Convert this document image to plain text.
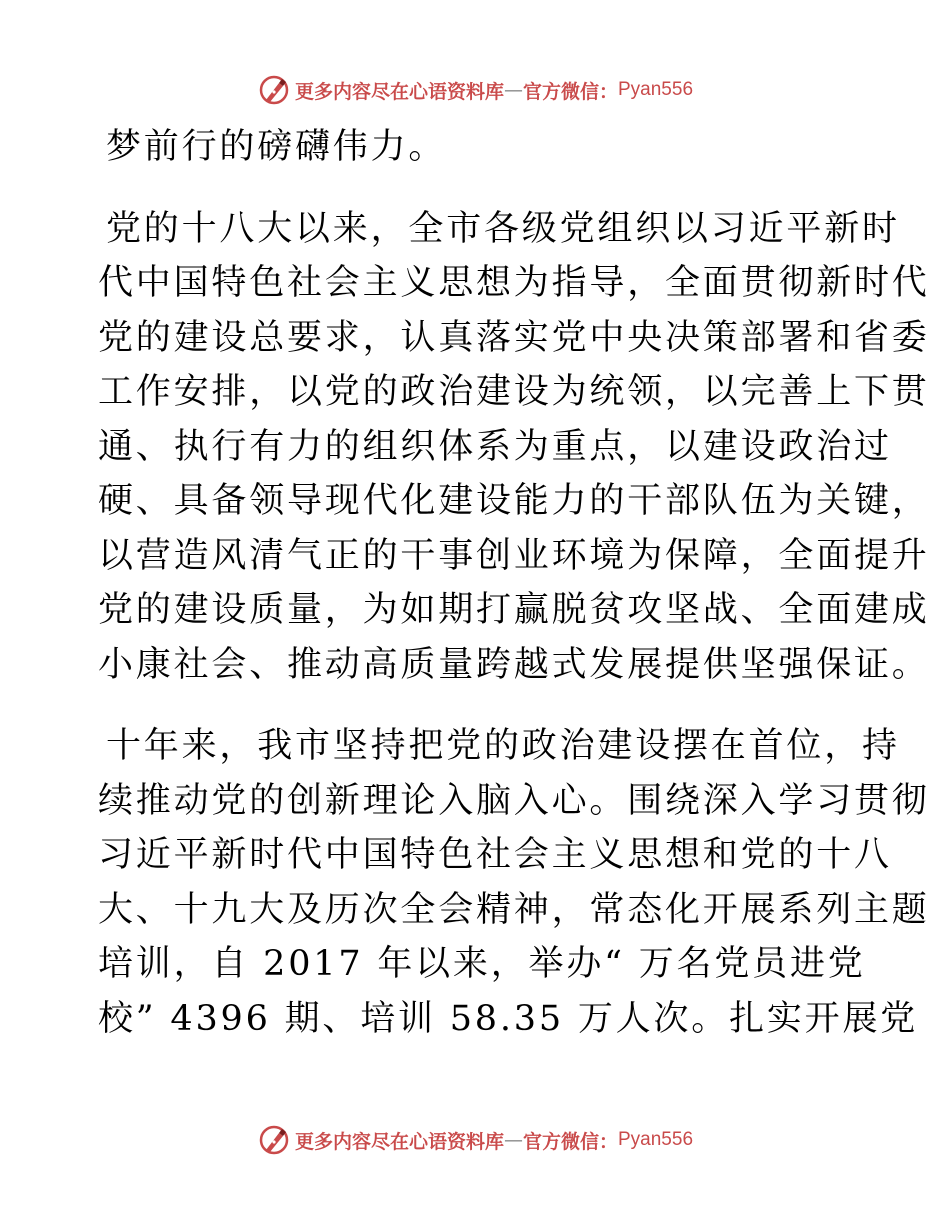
更多内容尽在心语资料库 — 官方微信： Pyan556
梦前行的磅礴伟力。
党的十八大以来，全市各级党组织以习近平新时
代中国特色社会主义思想为指导，全面贯彻新时代
党的建设总要求，认真落实党中央决策部署和省委
工作安排，以党的政治建设为统领，以完善上下贯
通、执行有力的组织体系为重点，以建设政治过
硬、具备领导现代化建设能力的干部队伍为关键，
以营造风清气正的干事创业环境为保障，全面提升
党的建设质量，为如期打赢脱贫攻坚战、全面建成
小康社会、推动高质量跨越式发展提供坚强保证。
十年来，我市坚持把党的政治建设摆在首位，持
续推动党的创新理论入脑入心。围绕深入学习贯彻
习近平新时代中国特色社会主义思想和党的十八
大、十九大及历次全会精神，常态化开展系列主题
培训，自 2017 年以来，举办“ 万名党员进党
校” 4396 期、培训 58.35 万人次。扎实开展党
更多内容尽在心语资料库 — 官方微信： Pyan556
